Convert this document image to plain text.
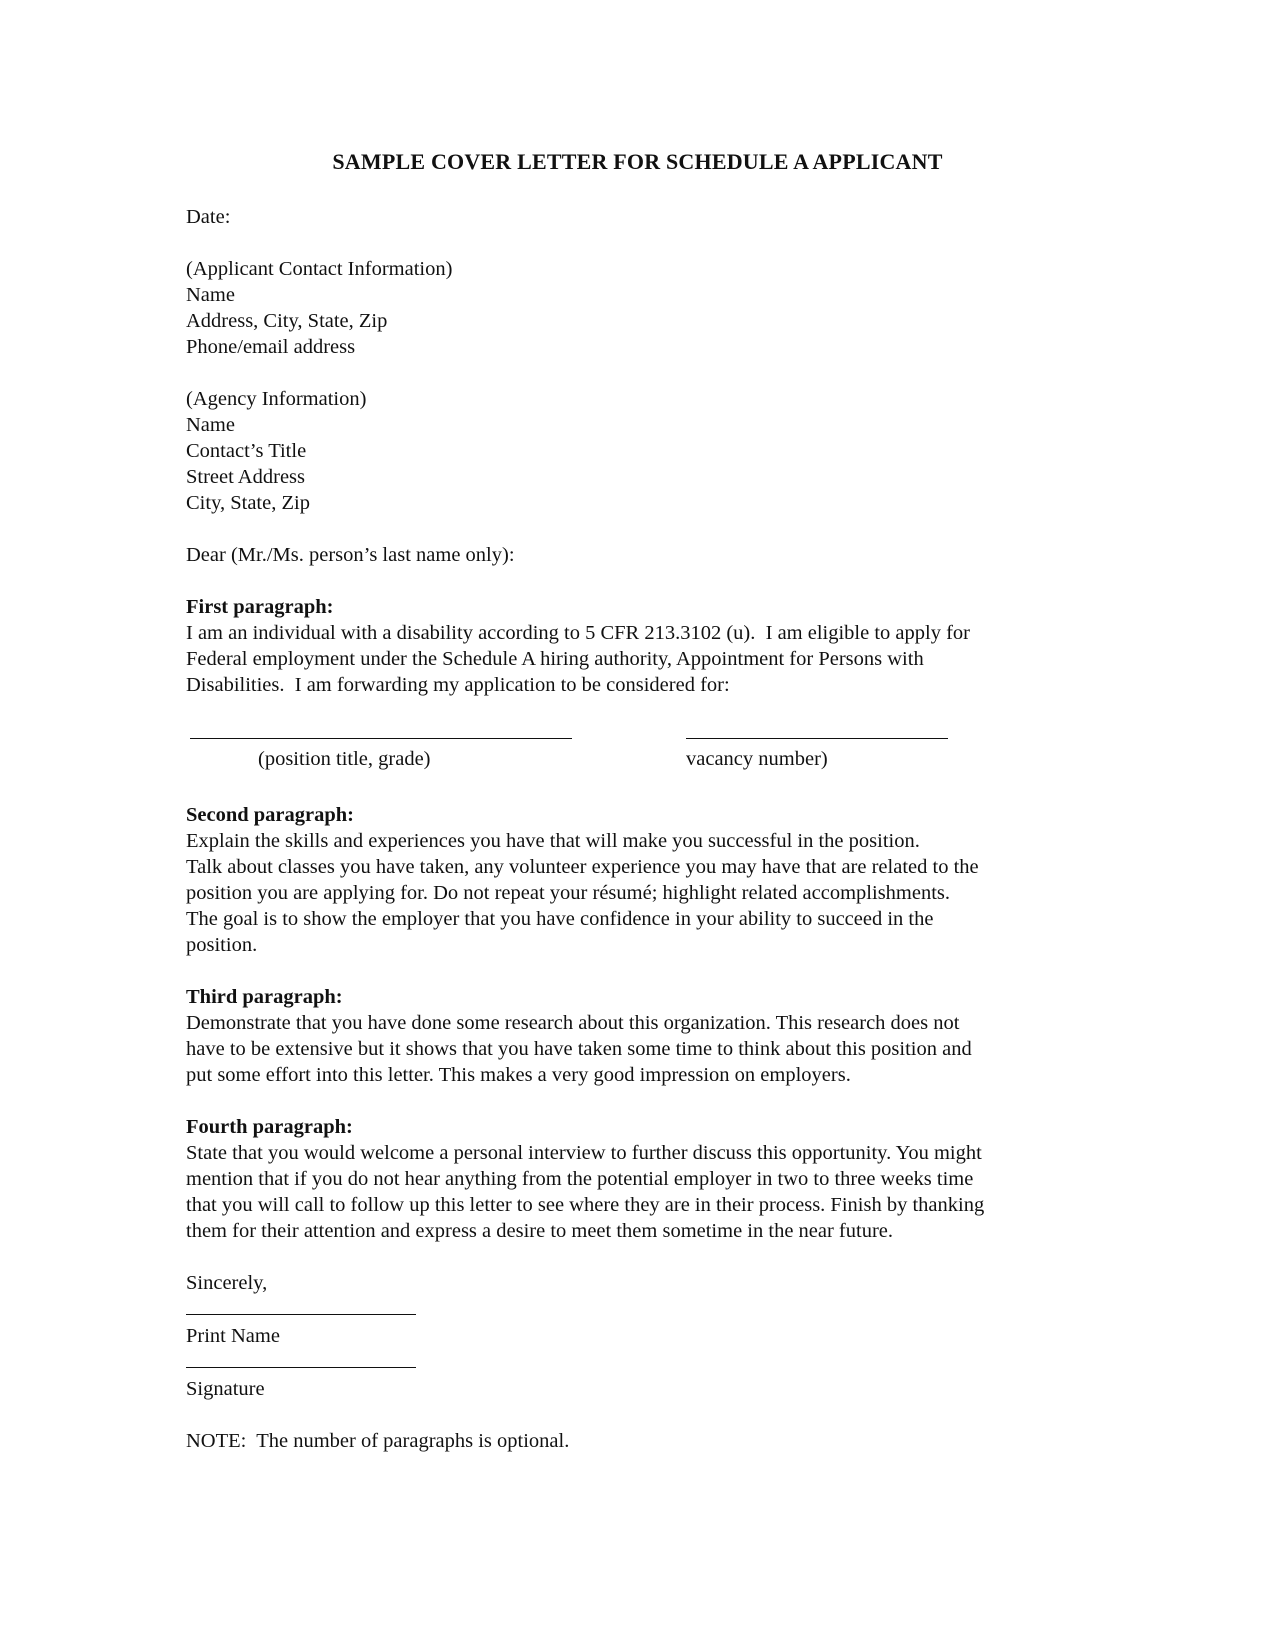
SAMPLE COVER LETTER FOR SCHEDULE A APPLICANT
Date:
(Applicant Contact Information)
Name
Address, City, State, Zip
Phone/email address
(Agency Information)
Name
Contact’s Title
Street Address
City, State, Zip
Dear (Mr./Ms. person’s last name only):
First paragraph:
I am an individual with a disability according to 5 CFR 213.3102 (u).  I am eligible to apply for
Federal employment under the Schedule A hiring authority, Appointment for Persons with
Disabilities.  I am forwarding my application to be considered for:
(position title, grade)	vacancy number)
Second paragraph:
Explain the skills and experiences you have that will make you successful in the position.
Talk about classes you have taken, any volunteer experience you may have that are related to the
position you are applying for. Do not repeat your résumé; highlight related accomplishments.
The goal is to show the employer that you have confidence in your ability to succeed in the
position.
Third paragraph:
Demonstrate that you have done some research about this organization. This research does not
have to be extensive but it shows that you have taken some time to think about this position and
put some effort into this letter. This makes a very good impression on employers.
Fourth paragraph:
State that you would welcome a personal interview to further discuss this opportunity. You might
mention that if you do not hear anything from the potential employer in two to three weeks time
that you will call to follow up this letter to see where they are in their process. Finish by thanking
them for their attention and express a desire to meet them sometime in the near future.
Sincerely,
Print Name
Signature
NOTE:  The number of paragraphs is optional.
